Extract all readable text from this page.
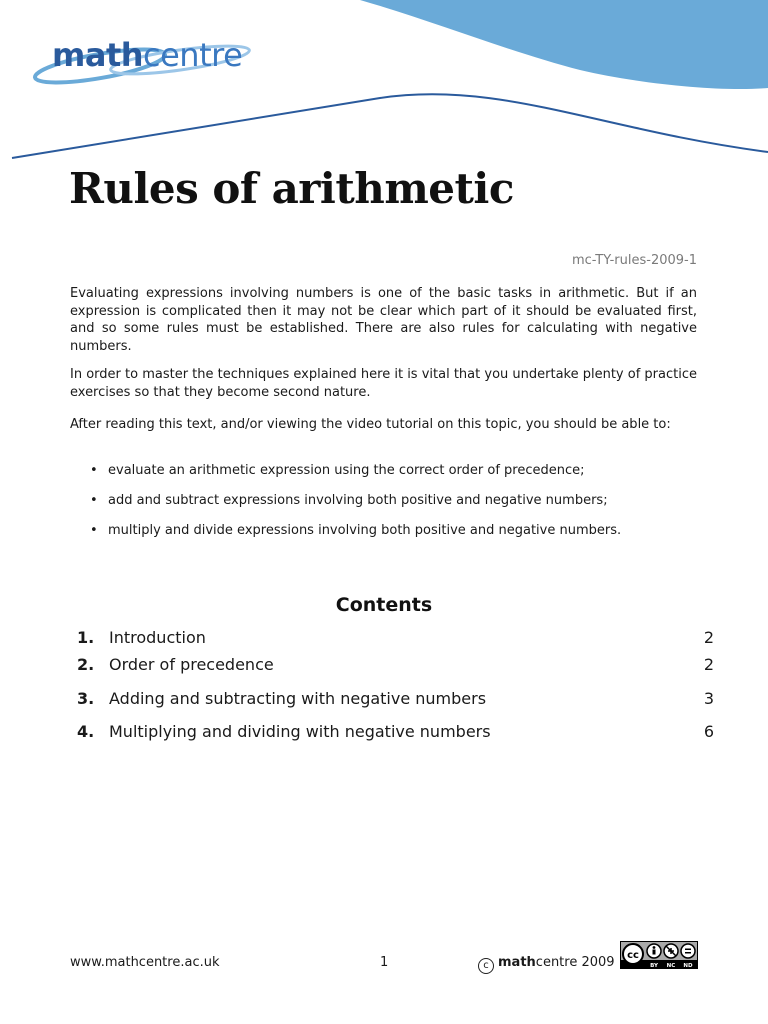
mathcentre
Rules of arithmetic
mc-TY-rules-2009-1

Evaluating expressions involving numbers is one of the basic tasks in arithmetic. But if an expression is complicated then it may not be clear which part of it should be evaluated first, and so some rules must be established. There are also rules for calculating with negative numbers.

In order to master the techniques explained here it is vital that you undertake plenty of practice exercises so that they become second nature.

After reading this text, and/or viewing the video tutorial on this topic, you should be able to:

• evaluate an arithmetic expression using the correct order of precedence;
• add and subtract expressions involving both positive and negative numbers;
• multiply and divide expressions involving both positive and negative numbers.
Contents
1. Introduction	2
2. Order of precedence	2
3. Adding and subtracting with negative numbers	3
4. Multiplying and dividing with negative numbers	6
www.mathcentre.ac.uk	1	c mathcentre 2009 cc
BY NC ND
